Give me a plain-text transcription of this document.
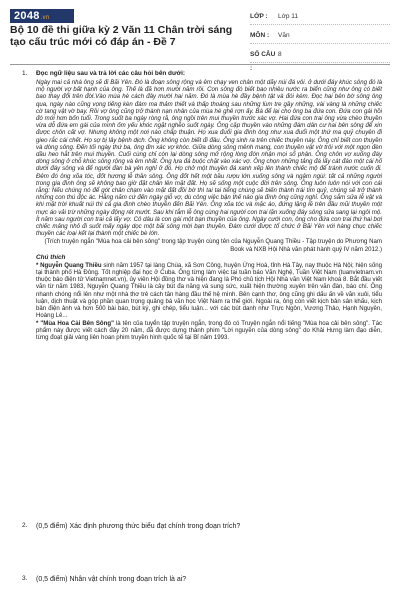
2048.vn
Bộ 10 đề thi giữa kỳ 2 Văn 11 Chân trời sáng tạo cấu trúc mới có đáp án - Đề 7
LỚP :	Lớp 11
MÔN :	Văn
SỐ CÂU :
8
1. Đọc ngữ liệu sau và trả lời các câu hỏi bên dưới:

Ngày mai cả nhà ông sẽ đi Bãi Yên. Đó là đoạn sông rộng và êm chạy ven chân một dãy núi đá vôi. ở dưới đáy khúc sông đó là mộ người vợ bất hạnh của ông. Thế là đã hơn mười năm rồi. Con sông đó biết bao nhiêu nước ra biển cũng như ông có biết bao thay đổi trên đời.Vào mùa hè cách đây mười hai năm. Đó là mùa hè đầy bệnh tật và đói kém. Đọc hai bên bờ sông ông qua, ngày nào cũng vọng tiếng kèn đám ma thảm thiết và thấp thoáng sau những lùm tre gầy những, vài vàng là những chiếc cờ tang vật vờ bay. Rồi vợ ông cũng trở thành nạn nhân của mùa hè ghê rợn ấy. Bà để lại cho ông ba đứa con. Đứa con gái hồi đó mới hơn bốn tuổi. Trong suốt ba ngày ròng rã, ông ngồi trên mui thuyền trước xác vợ. Hai đứa con trai ông vừa chèo thuyền vừa dỗ đứa em gái của mình ốm yếu khóc ngặt nghẽo suốt ngày. Ông cặp thuyền vào những đám dân cư hai bên sông để xin được chôn cất vợ. Nhưng không một nơi nào chấp thuận. Họ xua đuổi gia đình ông như xua đuổi một thứ ma quỷ chuyên đi gieo rắc cái chết. Họ sợ bị lây bệnh dịch. Ông không còn biết đi đâu. Ông sinh ra trên chiếc thuyền này. Ông chỉ biết con thuyền và dòng sông. Đến tối ngày thứ ba, ông đm xác vợ khóc. Giữa dòng sông mênh mang, con thuyền vật vờ trôi với một ngọn đèn dầu heo hắt trên mui thuyền. Cuối cùng chỉ còn lại dòng sông mở rộng lòng đón nhận mọi số phận. Ông chôn vợ xuống đáy dòng sông ở chỗ khúc sông rộng và êm nhất. Ông lựa đá buộc chặt vào xác vợ. Ông chọn những tảng đá lấy cát đáo một cái hố dưới đáy sông và để người đàn bà yên nghỉ ở đó. Họ chở một thuyền đá xanh xếp lên thành chiếc mộ để tránh nước cuốn đi. Đêm đó ông xõa tóc, đốt hương lễ thần sông. Ông đốt hết một bầu rượu lớn xuống sông và ngậm ngùi: tất cả những người trong gia đình ông sẽ không bao giờ đặt chân lên mặt đất. Họ sẽ sống một cuộc đời trên sông. Ông luôn luôn nói với con cái rằng: Nếu chúng nó để gót chân chạm vào mặt đất đồi bờ thì tai tai tiếng chúng sẽ biến thành trái tim quỷ, chúng sẽ trở thành những con thú độc ác. Hằng năm cứ đến ngày giỗ vợ, dù công việc bận thế nào gia đình ông cũng nghỉ. Ông sắm sửa lễ vật và khi mặt trời khuất núi thì cả gia đình chèo thuyền đến Bãi Yên. Ông xõa tóc và mặc áo, đứng lặng lẽ trên đầu mũi thuyền một mực áo vải trừ những ngày động rét mướt. Sau khi tắm lễ ông cùng hai người con trai lặn xuống đáy sông sửa sang lại ngôi mộ. Ít năm sau người con trai cả lấy vợ. Cô dâu là con gái một bạn thuyền của ông. Ngày cưới con, ông cho đứa con trai thứ hai bơi chiếc mảng nhỏ đi suốt mấy ngày dọc một bãi sông mời bạn thuyền. Đám cưới được tổ chức ở Bãi Yên với hàng chục chiếc thuyền các loại kết lại thành một chiếc bè lớn.

(Trích truyện ngắn "Mùa hoa cải bên sông" trong tập truyện cùng tên của Nguyễn Quang Thiều - Tập truyện do Phương Nam Book và NXB Hội Nhà văn phát hành quý IV năm 2012.)

Chú thích

* Nguyễn Quang Thiều sinh năm 1957 tại làng Chùa, xã Sơn Công, huyện Ứng Hoà, tỉnh Hà Tây, nay thuộc Hà Nội; hiện sống tại thành phố Hà Đông. Tốt nghiệp đại học ở Cuba. Ông từng làm việc tại tuần báo Văn Nghệ, Tuần Việt Nam (tuanvietnam.vn thuộc báo điện tử Vietnamnet.vn), ủy viên Hội đồng thơ và hiện đang là Phó chủ tịch Hội Nhà văn Việt Nam khoá 8. Bắt đầu viết văn từ năm 1983, Nguyễn Quang Thiều là cây bút đa năng và sung sức, xuất hiện thường xuyên trên văn đàn, báo chí. Ông nhanh chóng nổi lên như một nhà thơ trẻ cách tân hàng đầu thế hệ mình. Bên cạnh thơ, ông cũng ghi dấu ấn về văn xuôi, tiểu luận, dịch thuật và góp phần quan trọng quảng bá văn học Việt Nam ra thế giới. Ngoài ra, ông còn viết kịch bản sân khấu, kịch bản điện ảnh và hơn 500 bài báo, bút ký, ghi chép, tiểu luận... với các bút danh như Trực Ngôn, Vương Thảo, Hạnh Nguyên, Hoàng Lê...

* "Mùa Hoa Cải Bên Sông" là tên của tuyển tập truyện ngắn, trong đó có Truyện ngắn nổi tiếng "Mùa hoa cải bên sông". Tác phẩm này được viết cách đây 20 năm, đã được dựng thành phim "Lời nguyền của dòng sông" do Khải Hưng làm đạo diễn, từng đoạt giải vàng liên hoan phim truyền hình quốc tế tại Bỉ năm 1993.

2. (0,5 điểm) Xác định phương thức biểu đạt chính trong đoạn trích?
3. (0,5 điểm) Nhân vật chính trong đoạn trích là ai?
